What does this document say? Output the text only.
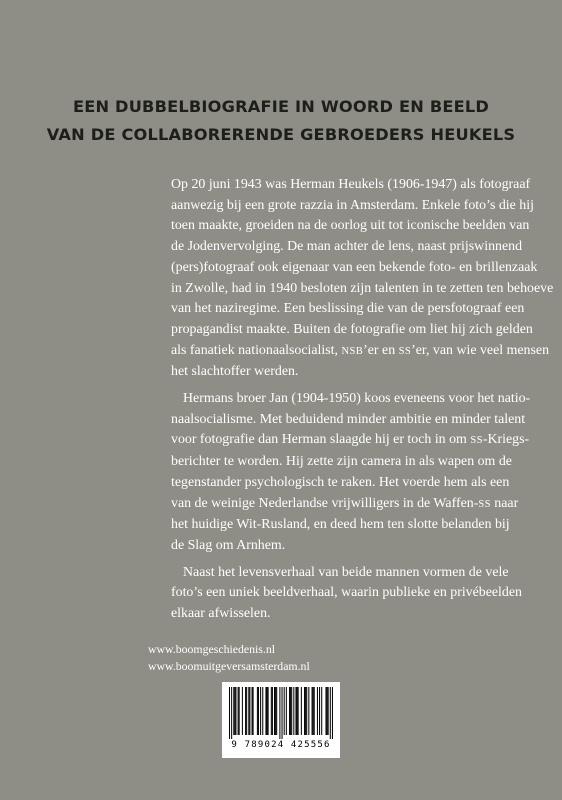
EEN DUBBELBIOGRAFIE IN WOORD EN BEELD
VAN DE COLLABORERENDE GEBROEDERS HEUKELS
Op 20 juni 1943 was Herman Heukels (1906-1947) als fotograaf
aanwezig bij een grote razzia in Amsterdam. Enkele foto’s die hij
toen maakte, groeiden na de oorlog uit tot iconische beelden van
de Jodenvervolging. De man achter de lens, naast prijswinnend
(pers)fotograaf ook eigenaar van een bekende foto- en brillenzaak
in Zwolle, had in 1940 besloten zijn talenten in te zetten ten behoeve
van het naziregime. Een beslissing die van de persfotograaf een
propagandist maakte. Buiten de fotografie om liet hij zich gelden
als fanatiek nationaalsocialist, NSB’er en SS’er, van wie veel mensen
het slachtoffer werden.
Hermans broer Jan (1904-1950) koos eveneens voor het natio-
naalsocialisme. Met beduidend minder ambitie en minder talent
voor fotografie dan Herman slaagde hij er toch in om SS-Kriegs-
berichter te worden. Hij zette zijn camera in als wapen om de
tegenstander psychologisch te raken. Het voerde hem als een
van de weinige Nederlandse vrijwilligers in de Waffen-SS naar
het huidige Wit-Rusland, en deed hem ten slotte belanden bij
de Slag om Arnhem.
Naast het levensverhaal van beide mannen vormen de vele
foto’s een uniek beeldverhaal, waarin publieke en privébeelden
elkaar afwisselen.
www.boomgeschiedenis.nl
www.boomuitgeversamsterdam.nl
9 789024 425556
